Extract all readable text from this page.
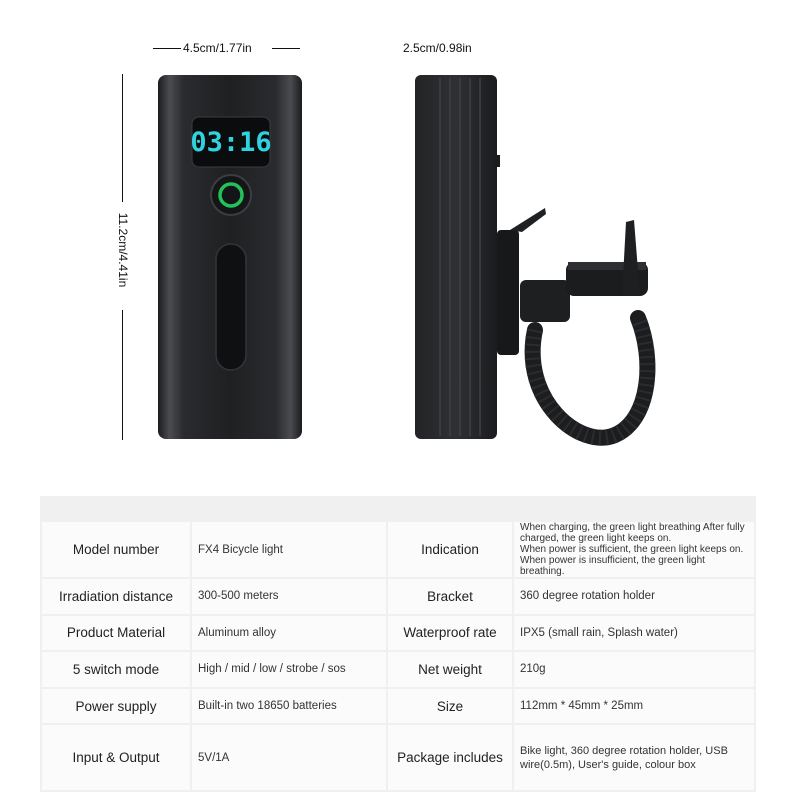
4.5cm/1.77in	2.5cm/0.98in
11.2cm/4.41in
03:16

Model number	FX4 Bicycle light	Indication	When charging, the green light breathing After fully charged, the green light keeps on.
When power is sufficient, the green light keeps on.
When power is insufficient, the green light breathing.

Irradiation distance	300-500 meters	Bracket	360 degree rotation holder
Product Material	Aluminum alloy	Waterproof rate	IPX5 (small rain, Splash water)
5 switch mode	High / mid / low / strobe / sos	Net weight	210g
Power supply	Built-in two 18650 batteries	Size	112mm * 45mm * 25mm
Input & Output	5V/1A	Package includes	Bike light, 360 degree rotation holder, USB wire(0.5m), User's guide, colour box
